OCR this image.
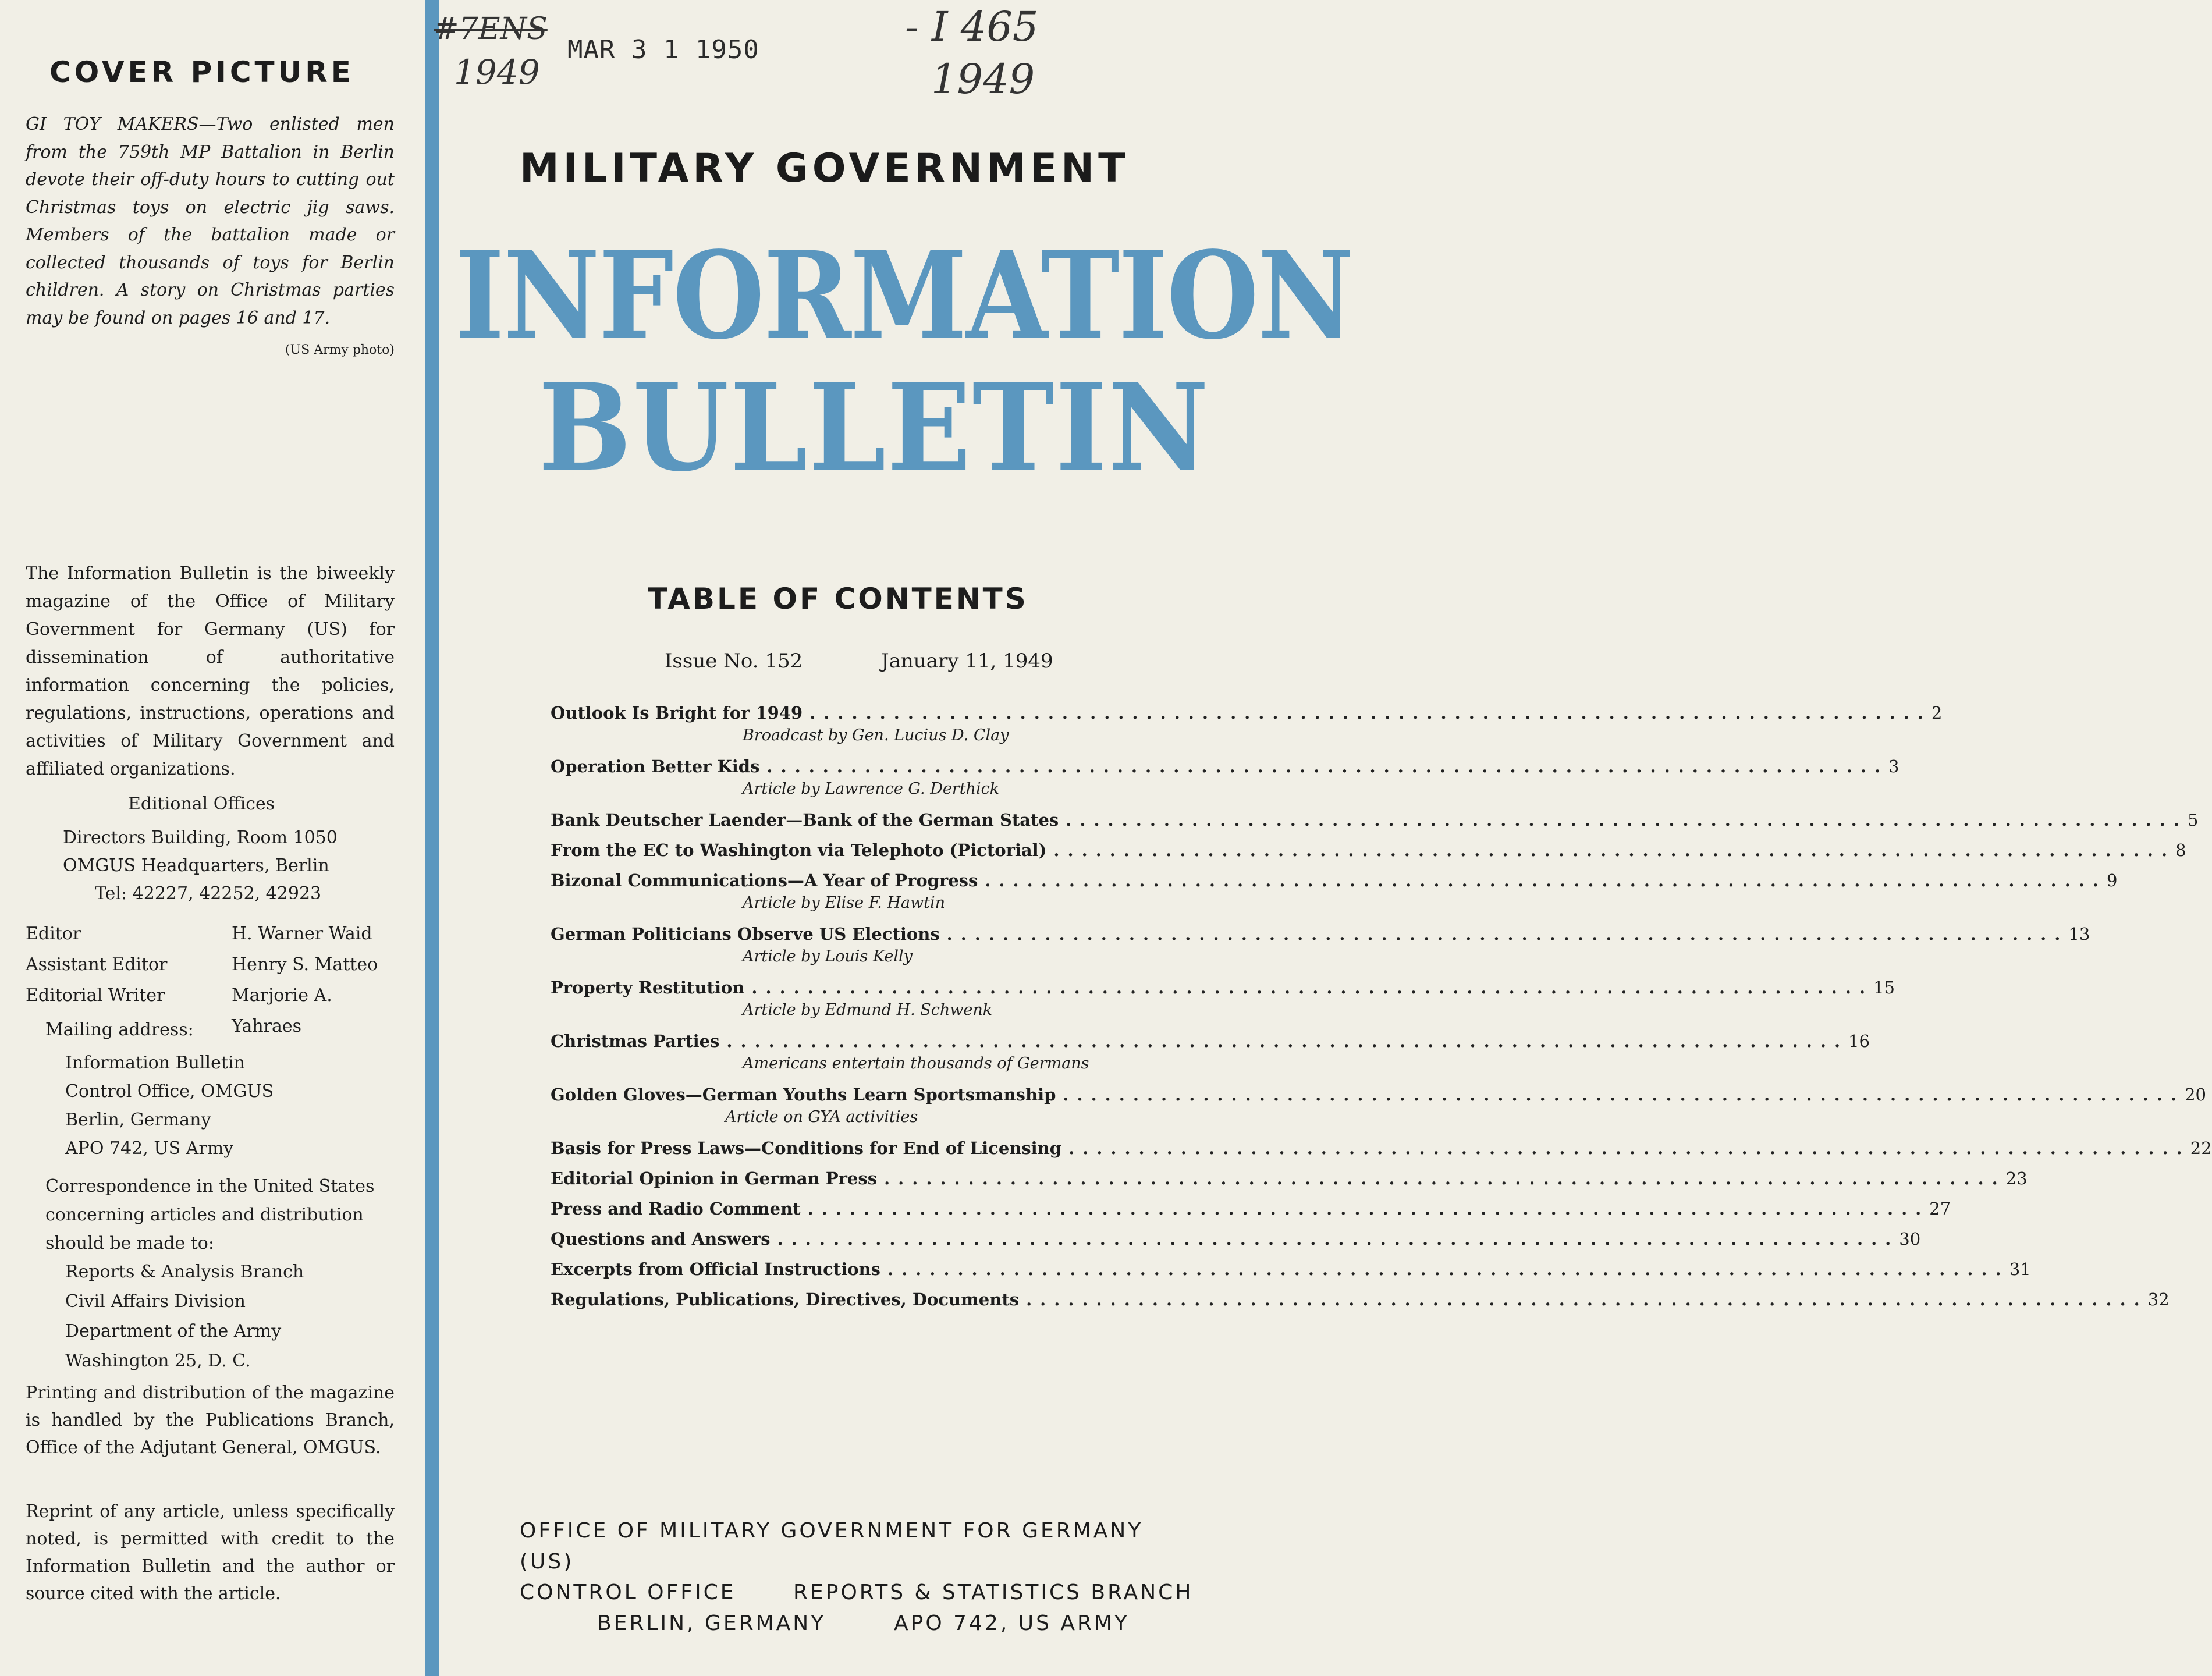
#7ENS
1949
MAR 3 1 1950	- I 465
1949
COVER PICTURE
GI TOY MAKERS—Two enlisted men from the 759th MP Battalion in Berlin devote their off-duty hours to cutting out Christmas toys on electric jig saws. Members of the battalion made or collected thousands of toys for Berlin children. A story on Christmas parties may be found on pages 16 and 17.
(US Army photo)
The Information Bulletin is the biweekly magazine of the Office of Military Government for Germany (US) for dissemination of authoritative information concerning the policies, regulations, instructions, operations and activities of Military Government and affiliated organizations.
Editional Offices
Directors Building, Room 1050
OMGUS Headquarters, Berlin
Tel: 42227, 42252, 42923
Editor	H. Warner Waid
Assistant Editor	Henry S. Matteo
Editorial Writer	Marjorie A. Yahraes
Mailing address:
Information Bulletin
Control Office, OMGUS
Berlin, Germany
APO 742, US Army
Correspondence in the United States concerning articles and distribution should be made to:
Reports & Analysis Branch
Civil Affairs Division
Department of the Army
Washington 25, D. C.
Printing and distribution of the magazine is handled by the Publications Branch, Office of the Adjutant General, OMGUS.
Reprint of any article, unless specifically noted, is permitted with credit to the Information Bulletin and the author or source cited with the article.
MILITARY GOVERNMENT
INFORMATION
BULLETIN
TABLE OF CONTENTS
Issue No. 152	January 11, 1949
Outlook Is Bright for 1949 ................................................................................ 2
Broadcast by Gen. Lucius D. Clay
Operation Better Kids ................................................................................ 3
Article by Lawrence G. Derthick
Bank Deutscher Laender—Bank of the German States ................................................................................ 5
From the EC to Washington via Telephoto (Pictorial) ................................................................................ 8
Bizonal Communications—A Year of Progress ................................................................................ 9
Article by Elise F. Hawtin
German Politicians Observe US Elections ................................................................................ 13
Article by Louis Kelly
Property Restitution ................................................................................ 15
Article by Edmund H. Schwenk
Christmas Parties ................................................................................ 16
Americans entertain thousands of Germans
Golden Gloves—German Youths Learn Sportsmanship ................................................................................ 20
Article on GYA activities
Basis for Press Laws—Conditions for End of Licensing ................................................................................ 22
Editorial Opinion in German Press ................................................................................ 23
Press and Radio Comment ................................................................................ 27
Questions and Answers ................................................................................ 30
Excerpts from Official Instructions ................................................................................ 31
Regulations, Publications, Directives, Documents ................................................................................ 32
OFFICE OF MILITARY GOVERNMENT FOR GERMANY (US)
CONTROL OFFICE	REPORTS & STATISTICS BRANCH
BERLIN, GERMANY	APO 742, US ARMY
